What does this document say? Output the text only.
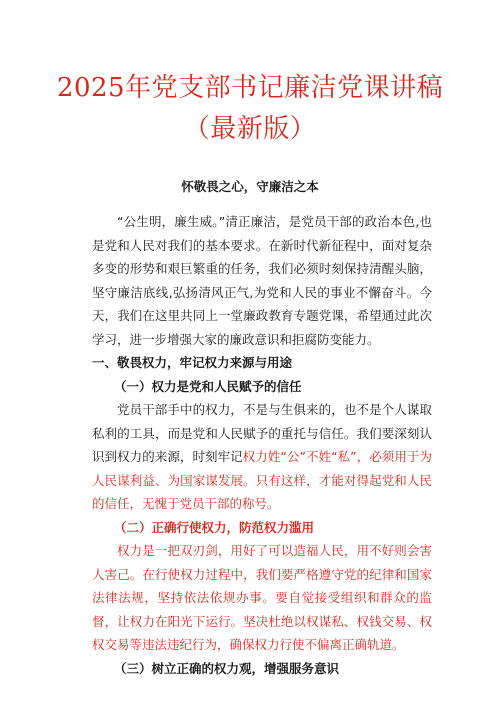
2025年党支部书记廉洁党课讲稿
（最新版）
怀敬畏之心，守廉洁之本

“公生明，廉生威。”清正廉洁，是党员干部的政治本色,也是党和人民对我们的基本要求。在新时代新征程中，面对复杂多变的形势和艰巨繁重的任务，我们必须时刻保持清醒头脑，坚守廉洁底线,弘扬清风正气,为党和人民的事业不懈奋斗。今天，我们在这里共同上一堂廉政教育专题党课，希望通过此次学习，进一步增强大家的廉政意识和拒腐防变能力。

一、敬畏权力，牢记权力来源与用途

（一）权力是党和人民赋予的信任

党员干部手中的权力，不是与生俱来的，也不是个人谋取私利的工具，而是党和人民赋予的重托与信任。我们要深刻认识到权力的来源，时刻牢记权力姓“公”不姓“私”，必须用于为人民谋利益、为国家谋发展。只有这样，才能对得起党和人民的信任，无愧于党员干部的称号。

（二）正确行使权力，防范权力滥用

权力是一把双刃剑，用好了可以造福人民，用不好则会害人害己。在行使权力过程中，我们要严格遵守党的纪律和国家法律法规，坚持依法依规办事。要自觉接受组织和群众的监督，让权力在阳光下运行。坚决杜绝以权谋私、权钱交易、权权交易等违法违纪行为，确保权力行使不偏离正确轨道。

（三）树立正确的权力观，增强服务意识
